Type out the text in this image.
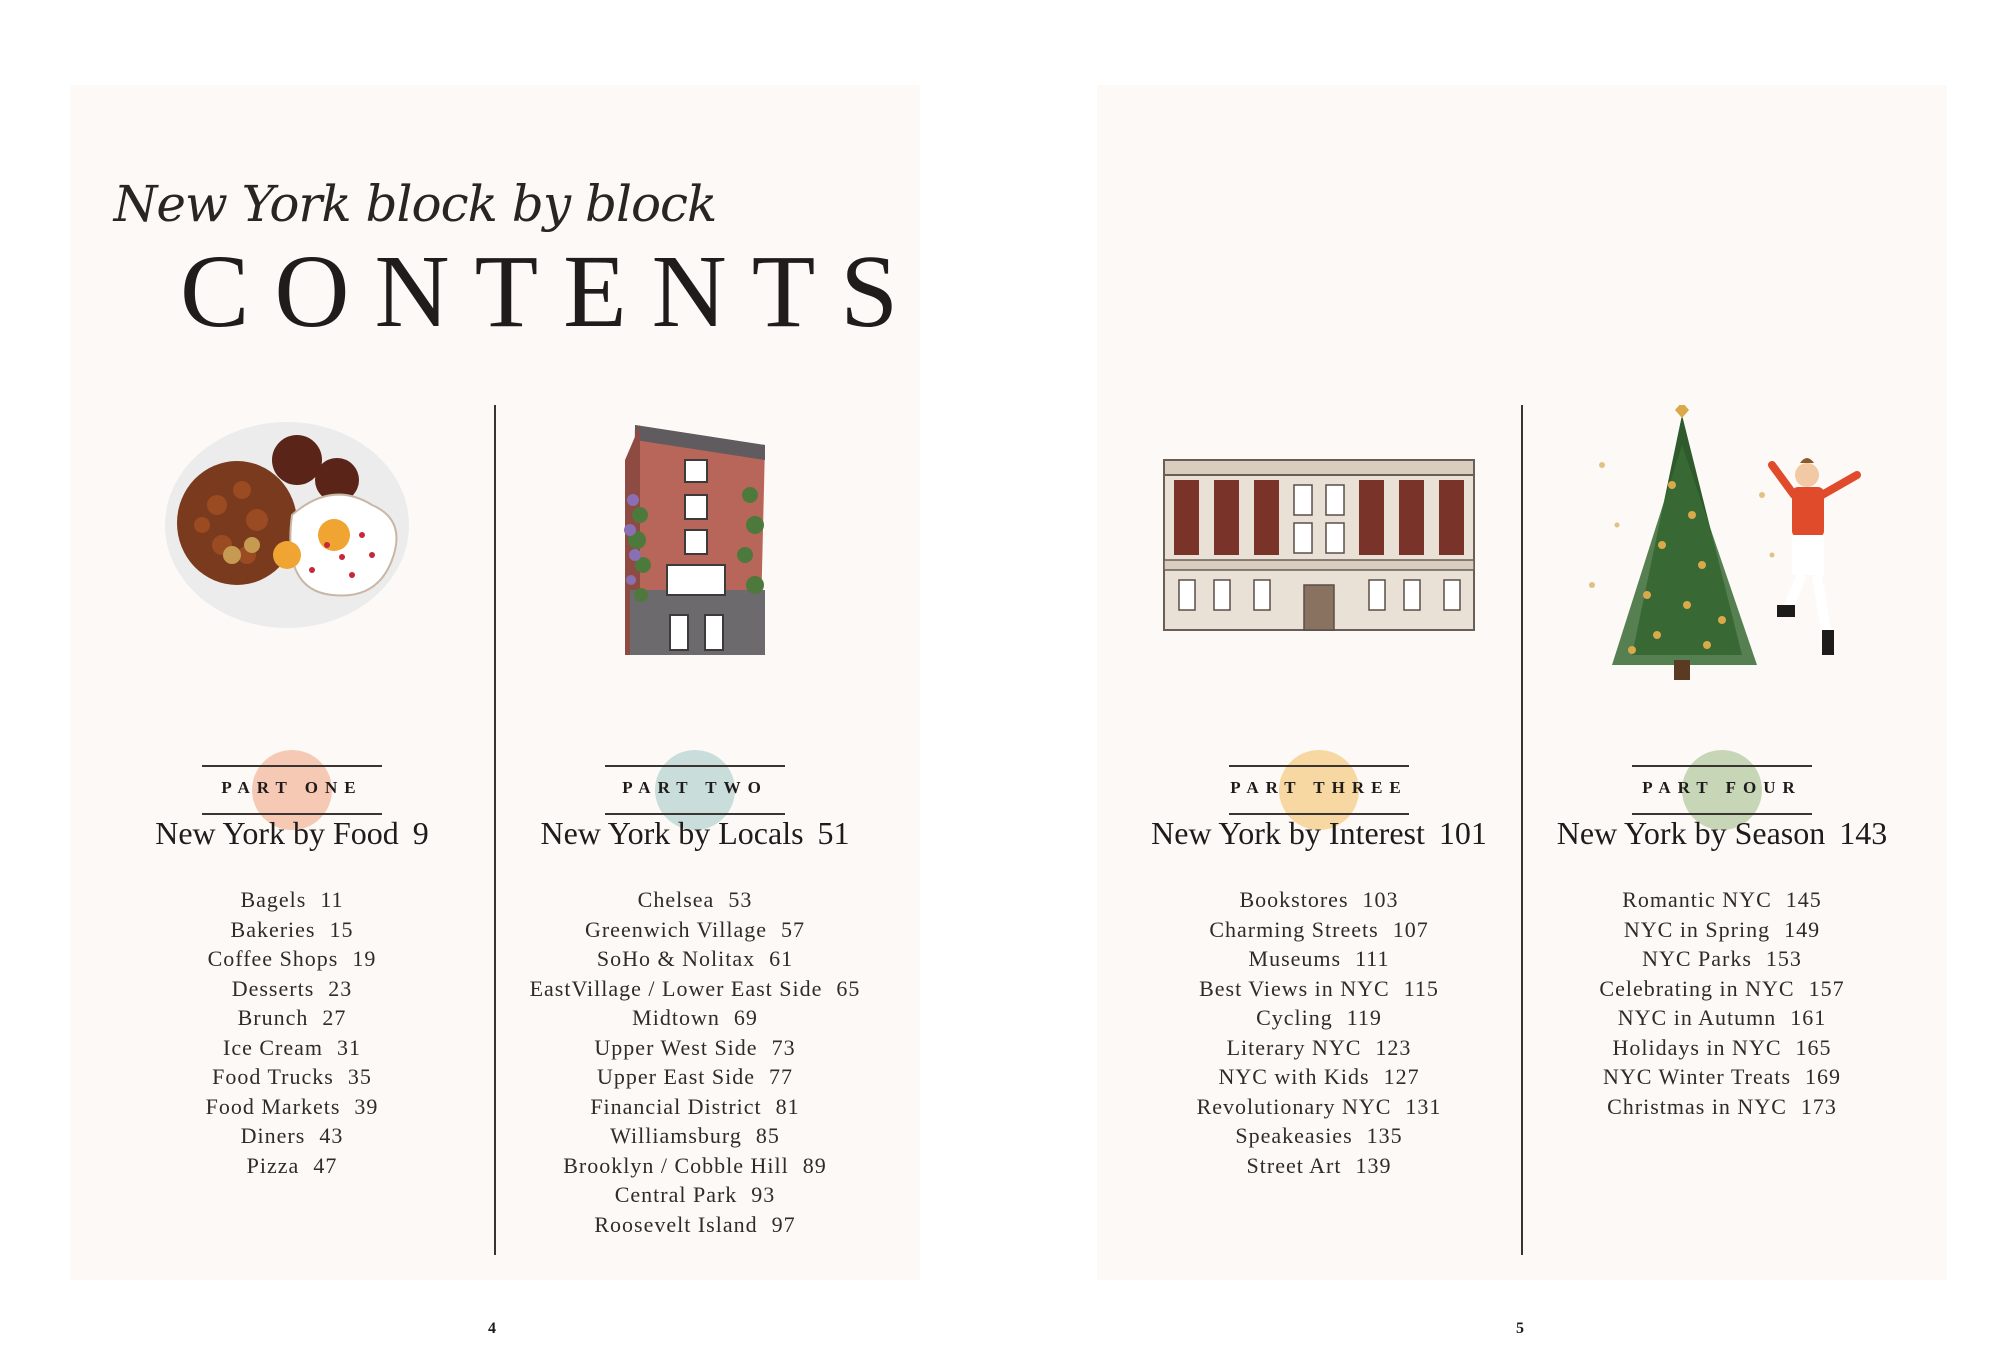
New York block by block
CONTENTS
PART ONE
New York by Food 9
Bagels 11
Bakeries 15
Coffee Shops 19
Desserts 23
Brunch 27
Ice Cream 31
Food Trucks 35
Food Markets 39
Diners 43
Pizza 47
PART TWO
New York by Locals 51
Chelsea 53
Greenwich Village 57
SoHo & Nolitax 61
EastVillage / Lower East Side 65
Midtown 69
Upper West Side 73
Upper East Side 77
Financial District 81
Williamsburg 85
Brooklyn / Cobble Hill 89
Central Park 93
Roosevelt Island 97
PART THREE
New York by Interest 101
Bookstores 103
Charming Streets 107
Museums 111
Best Views in NYC 115
Cycling 119
Literary NYC 123
NYC with Kids 127
Revolutionary NYC 131
Speakeasies 135
Street Art 139
PART FOUR
New York by Season 143
Romantic NYC 145
NYC in Spring 149
NYC Parks 153
Celebrating in NYC 157
NYC in Autumn 161
Holidays in NYC 165
NYC Winter Treats 169
Christmas in NYC 173
4	5
